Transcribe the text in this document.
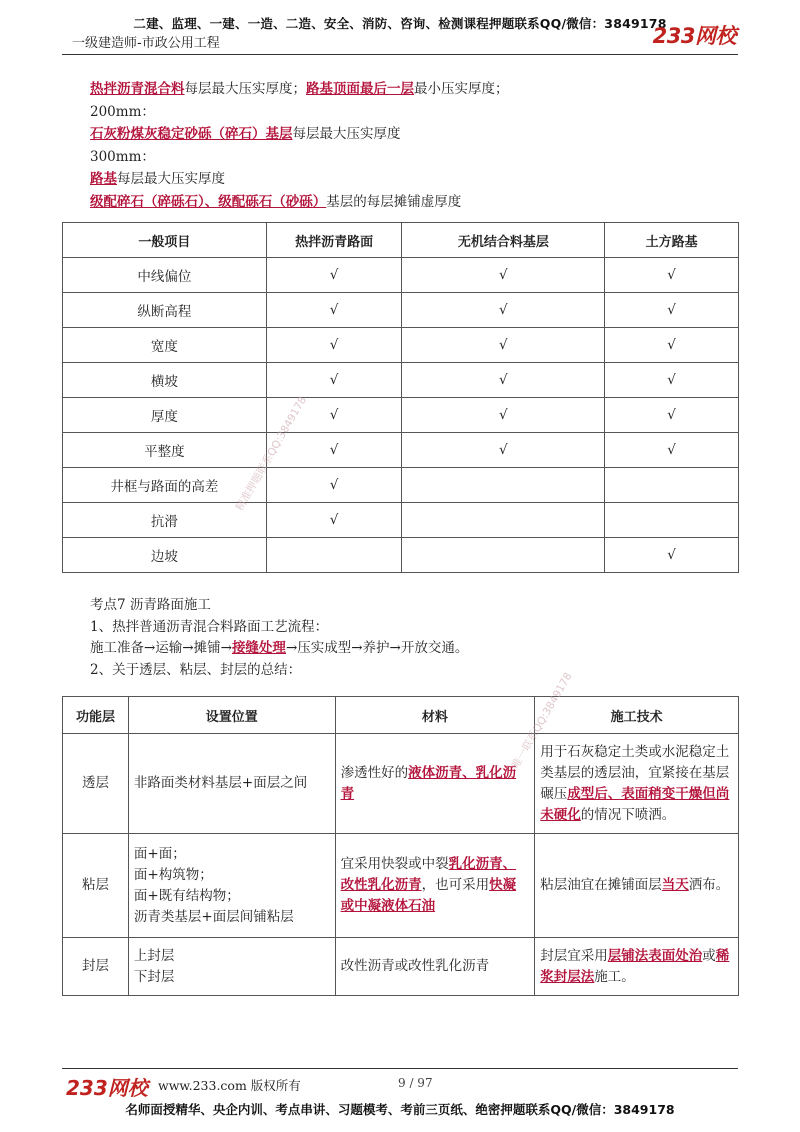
二建、监理、一建、一造、二造、安全、消防、咨询、检测课程押题联系QQ/微信：3849178
一级建造师-市政公用工程	233网校
热拌沥青混合料每层最大压实厚度；路基顶面最后一层最小压实厚度；
200mm：
石灰粉煤灰稳定砂砾（碎石）基层每层最大压实厚度
300mm：
路基每层最大压实厚度
级配碎石（碎砾石）、级配砾石（砂砾）基层的每层摊铺虚厚度
一般项目	热拌沥青路面	无机结合料基层	土方路基
中线偏位	√	√	√
纵断高程	√	√	√
宽度	√	√	√
横坡	√	√	√
厚度	√	√	√
平整度	√	√	√
井框与路面的高差	√		
抗滑	√		
边坡			√
考点7 沥青路面施工
1、热拌普通沥青混合料路面工艺流程：
施工准备→运输→摊铺→接缝处理→压实成型→养护→开放交通。
2、关于透层、粘层、封层的总结：
功能层	设置位置	材料	施工技术
透层	非路面类材料基层+面层之间	渗透性好的液体沥青、乳化沥青	用于石灰稳定土类或水泥稳定土类基层的透层油，宜紧接在基层碾压成型后、表面稍变干燥但尚未硬化的情况下喷洒。
粘层	面+面；
面+构筑物；
面+既有结构物；
沥青类基层+面层间铺粘层	宜采用快裂或中裂乳化沥青、改性乳化沥青，也可采用快凝或中凝液体石油	粘层油宜在摊铺面层当天洒布。
封层	上封层
下封层	改性沥青或改性乳化沥青	封层宜采用层铺法表面处治或稀浆封层法施工。
精准押题联系QQ:3849178
唯一联系QQ:3849178
233网校 www.233.com 版权所有	9 / 97
名师面授精华、央企内训、考点串讲、习题模考、考前三页纸、绝密押题联系QQ/微信：3849178
